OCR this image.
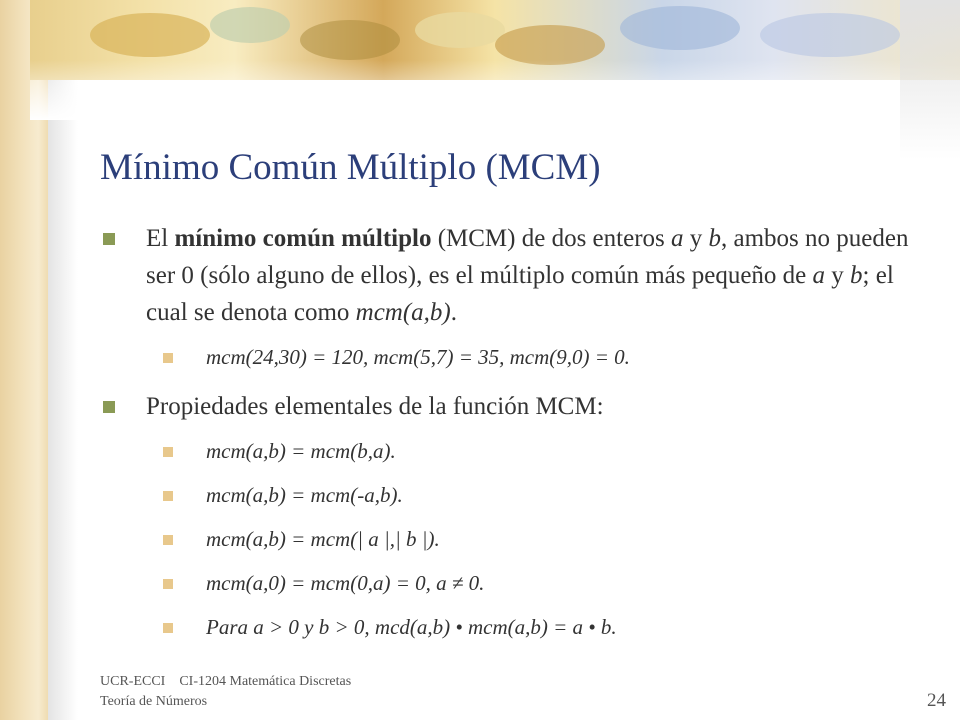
Mínimo Común Múltiplo (MCM)
El mínimo común múltiplo (MCM) de dos enteros a y b, ambos no pueden ser 0 (sólo alguno de ellos), es el múltiplo común más pequeño de a y b; el cual se denota como mcm(a,b).
mcm(24,30) = 120, mcm(5,7) = 35, mcm(9,0) = 0.
Propiedades elementales de la función MCM:
mcm(a,b) = mcm(b,a).
mcm(a,b) = mcm(-a,b).
mcm(a,b) = mcm(| a |,| b |).
mcm(a,0) = mcm(0,a) = 0, a ≠ 0.
Para a > 0 y b > 0, mcd(a,b) • mcm(a,b) = a • b.
UCR-ECCI    CI-1204 Matemática Discretas
Teoría de Números	24
